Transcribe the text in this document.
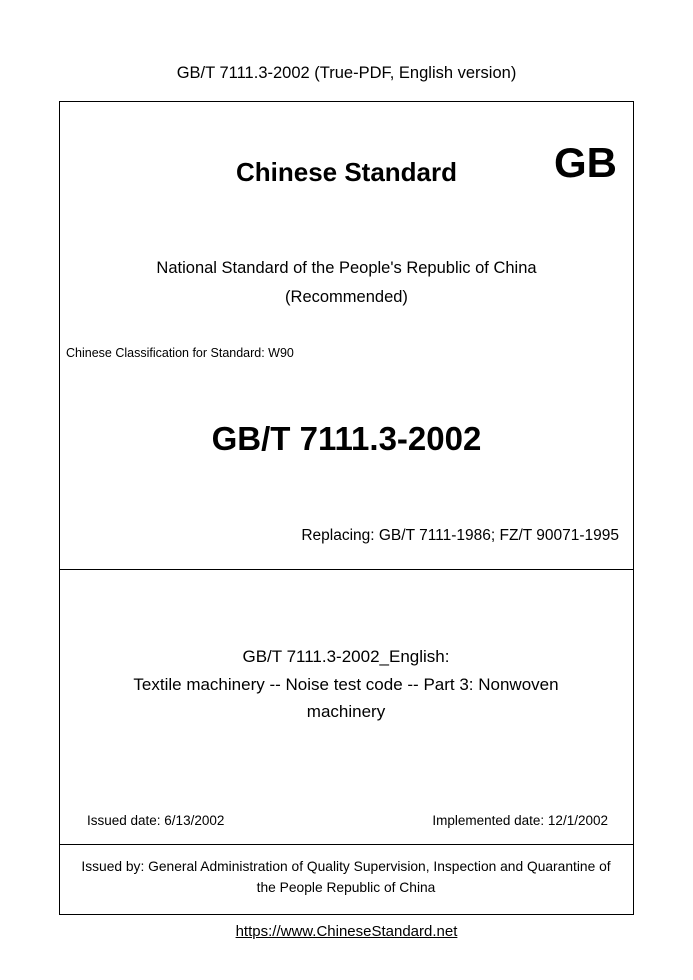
GB/T 7111.3-2002 (True-PDF, English version)
GB
Chinese Standard
National Standard of the People's Republic of China
(Recommended)
Chinese Classification for Standard: W90
GB/T 7111.3-2002
Replacing: GB/T 7111-1986; FZ/T 90071-1995
GB/T 7111.3-2002_English:
Textile machinery -- Noise test code -- Part 3: Nonwoven
machinery
Issued date: 6/13/2002	Implemented date: 12/1/2002
Issued by: General Administration of Quality Supervision, Inspection and Quarantine of
the People Republic of China
https://www.ChineseStandard.net
